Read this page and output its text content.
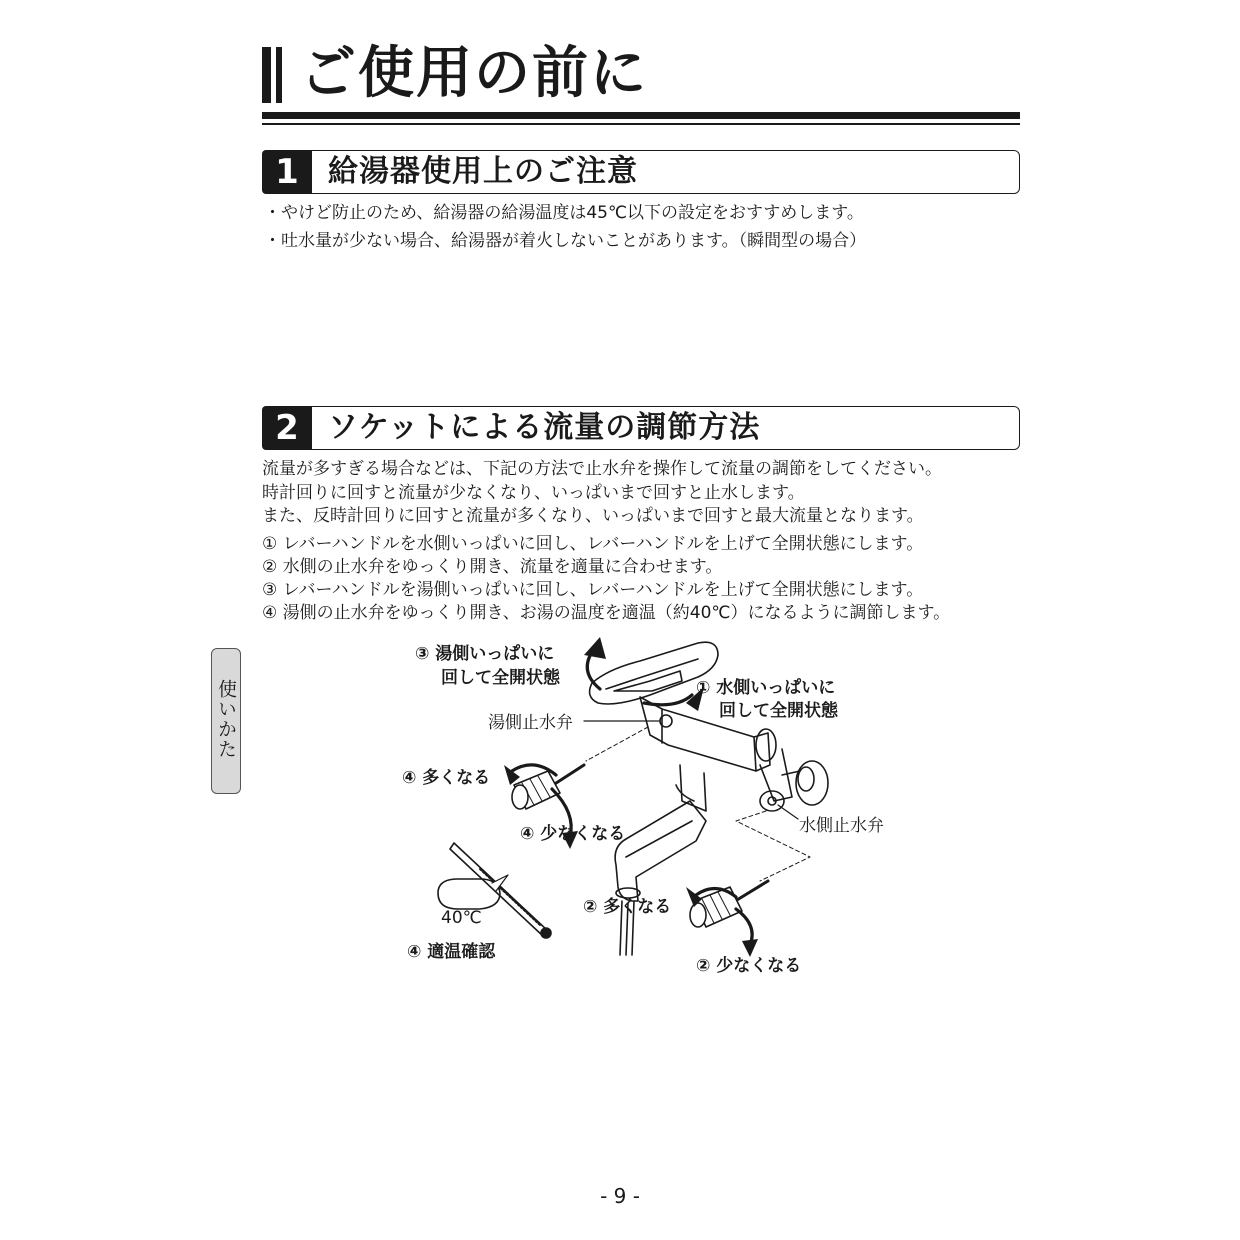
ご使用の前に
1 給湯器使用上のご注意
・やけど防止のため、給湯器の給湯温度は45℃以下の設定をおすすめします。
・吐水量が少ない場合、給湯器が着火しないことがあります。（瞬間型の場合）
2 ソケットによる流量の調節方法
流量が多すぎる場合などは、下記の方法で止水弁を操作して流量の調節をしてください。
時計回りに回すと流量が少なくなり、いっぱいまで回すと止水します。
また、反時計回りに回すと流量が多くなり、いっぱいまで回すと最大流量となります。
① レバーハンドルを水側いっぱいに回し、レバーハンドルを上げて全開状態にします。
② 水側の止水弁をゆっくり開き、流量を適量に合わせます。
③ レバーハンドルを湯側いっぱいに回し、レバーハンドルを上げて全開状態にします。
④ 湯側の止水弁をゆっくり開き、お湯の温度を適温（約40℃）になるように調節します。
使いかた
③ 湯側いっぱいに
回して全開状態	① 水側いっぱいに
回して全開状態
湯側止水弁
④ 多くなる
④ 少なくなる	水側止水弁
② 多くなる
40℃
④ 適温確認
② 少なくなる
- 9 -
